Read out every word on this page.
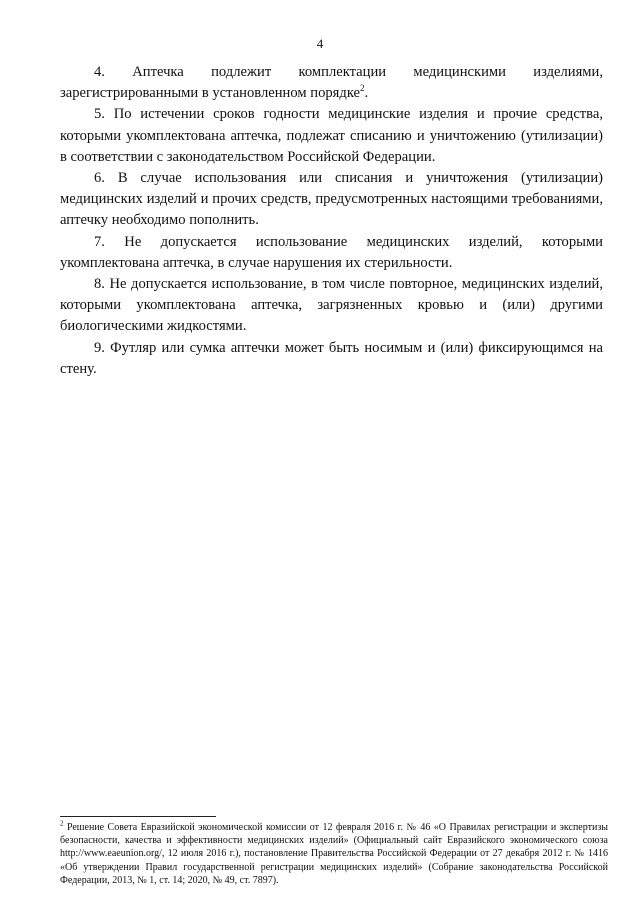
4

4. Аптечка подлежит комплектации медицинскими изделиями, зарегистрированными в установленном порядке$^2$.

5. По истечении сроков годности медицинские изделия и прочие средства, которыми укомплектована аптечка, подлежат списанию и уничтожению (утилизации) в соответствии с законодательством Российской Федерации.

6. В случае использования или списания и уничтожения (утилизации) медицинских изделий и прочих средств, предусмотренных настоящими требованиями, аптечку необходимо пополнить.

7. Не допускается использование медицинских изделий, которыми укомплектована аптечка, в случае нарушения их стерильности.

8. Не допускается использование, в том числе повторное, медицинских изделий, которыми укомплектована аптечка, загрязненных кровью и (или) другими биологическими жидкостями.

9. Футляр или сумка аптечки может быть носимым и (или) фиксирующимся на стену.

$^2$ Решение Совета Евразийской экономической комиссии от 12 февраля 2016 г. № 46 «О Правилах регистрации и экспертизы безопасности, качества и эффективности медицинских изделий» (Официальный сайт Евразийского экономического союза http://www.eaeunion.org/, 12 июля 2016 г.), постановление Правительства Российской Федерации от 27 декабря 2012 г. № 1416 «Об утверждении Правил государственной регистрации медицинских изделий» (Собрание законодательства Российской Федерации, 2013, № 1, ст. 14; 2020, № 49, ст. 7897).
